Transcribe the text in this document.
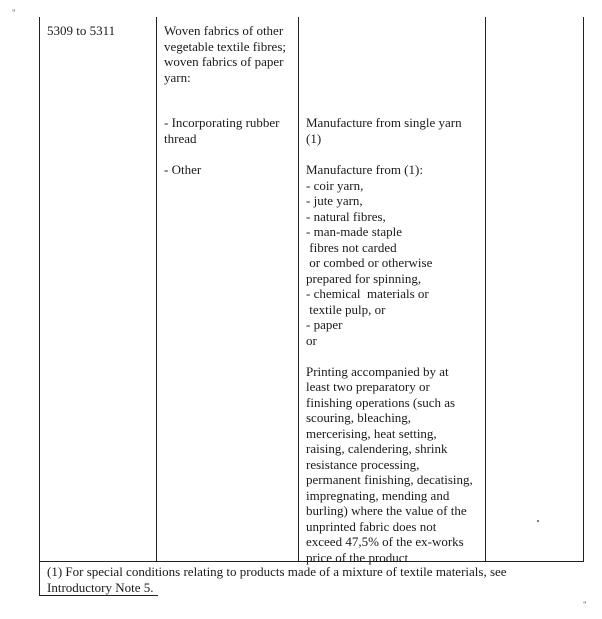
"
"
5309 to 5311	Woven fabrics of other
vegetable textile fibres;
woven fabrics of paper
yarn:
- Incorporating rubber
thread
- Other
Manufacture from single yarn
(1)
Manufacture from (1):
- coir yarn,
- jute yarn,
- natural fibres,
- man-made staple
fibres not carded
or combed or otherwise
prepared for spinning,
- chemical  materials or
textile pulp, or
- paper
or
Printing accompanied by at
least two preparatory or
finishing operations (such as
scouring, bleaching,
mercerising, heat setting,
raising, calendering, shrink
resistance processing,
permanent finishing, decatising,
impregnating, mending and
burling) where the value of the
unprinted fabric does not
exceed 47,5% of the ex-works
price of the product
(1) For special conditions relating to products made of a mixture of textile materials, see
Introductory Note 5.
